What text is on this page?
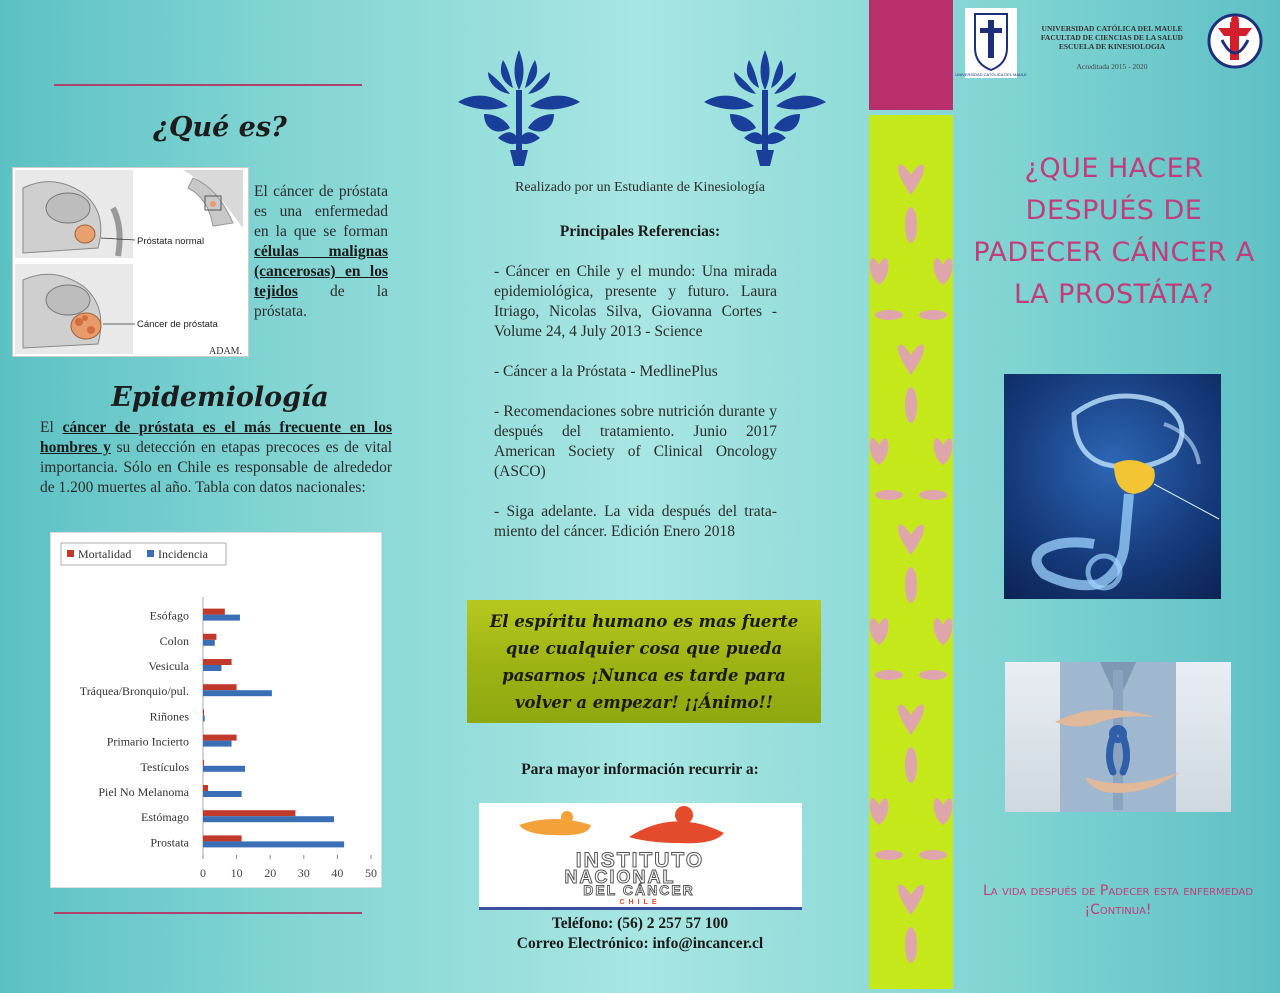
¿Qué es?
Próstata normal
Cáncer de próstata
ADAM.
El cáncer de próstata es una enfermedad en la que se forman células malignas (cancerosas) en los tejidos de la próstata.
Epidemiología
El cáncer de próstata es el más frecuente en los hombres y su detección en etapas precoces es de vital importancia. Sólo en Chile es responsable de alrededor de 1.200 muertes al año. Tabla con datos nacionales:
Mortalidad Incidencia
0 10 20 30 40 50
Esófago
Colon
Vesicula
Tráquea/Bronquio/pul.
Riñones
Primario Incierto
Testículos
Piel No Melanoma
Estómago
Prostata
Realizado por un Estudiante de Kinesiología
Principales Referencias:

- Cáncer en Chile y el mundo: Una mirada epidemiológica, presente y futuro. Laura Itriago, Nicolas Silva, Giovanna Cortes - Volume 24, 4 July 2013 - Science

- Cáncer a la Próstata - MedlinePlus

- Recomendaciones sobre nutrición durante y después del tratamiento. Junio 2017 American Society of Clinical Oncology (ASCO)

- Siga adelante. La vida después del tratamiento del cáncer. Edición Enero 2018

El espíritu humano es mas fuerte que cualquier cosa que pueda pasarnos ¡Nunca es tarde para volver a empezar! ¡¡Ánimo!!
Para mayor información recurrir a:
INSTITUTO
NACIONAL
DEL CÁNCER
CHILE
Teléfono: (56) 2 257 57 100
Correo Electrónico: info@incancer.cl
UNIVERSIDAD CATÓLICA DEL MAULE
UNIVERSIDAD CATÓLICA DEL MAULE
FACULTAD DE CIENCIAS DE LA SALUD
ESCUELA DE KINESIOLOGIA
Acreditada 2015 - 2020
¿QUE HACER DESPUÉS DE PADECER CÁNCER A LA PROSTÁTA?
La vida después de Padecer esta enfermedad ¡Continua!
